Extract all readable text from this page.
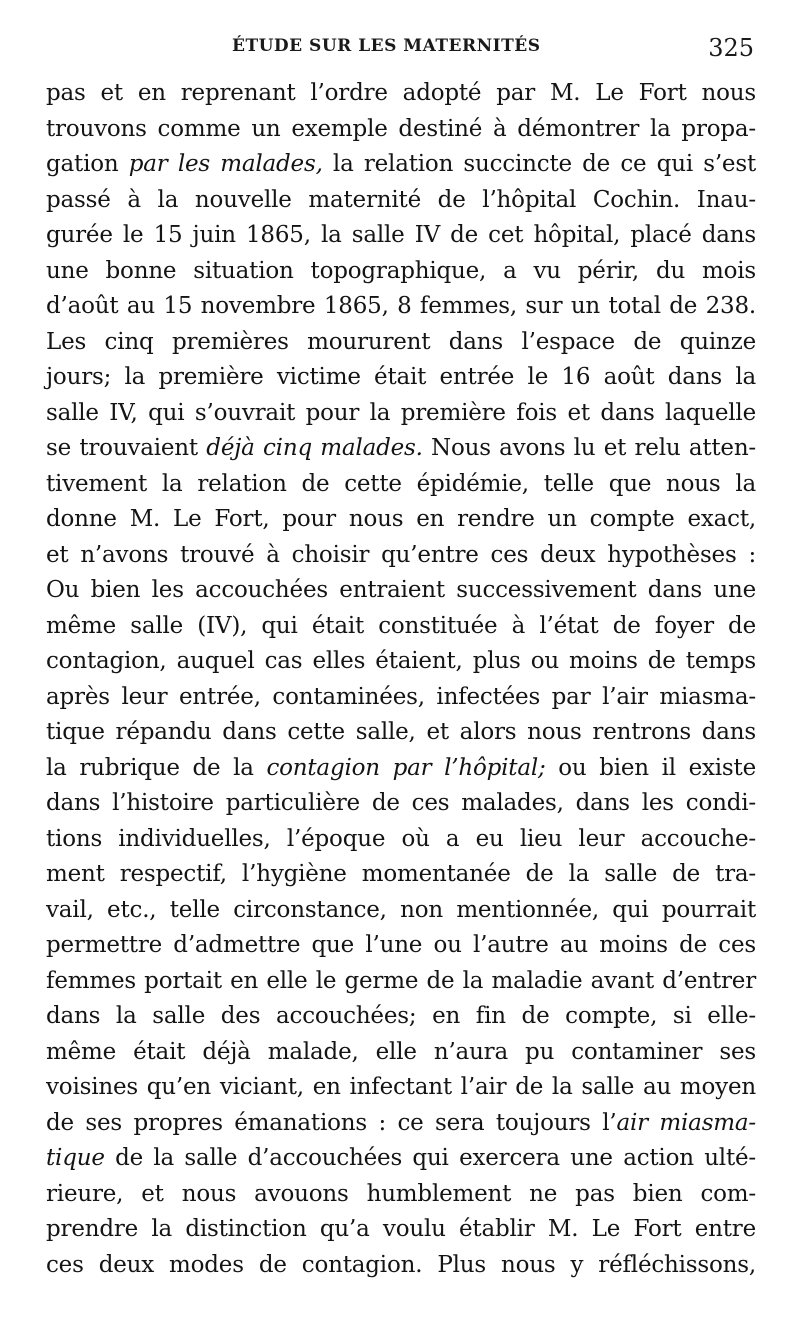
ÉTUDE SUR LES MATERNITÉS	325
pas et en reprenant l’ordre adopté par M. Le Fort nous
trouvons comme un exemple destiné à démontrer la propa-
gation par les malades, la relation succincte de ce qui s’est
passé à la nouvelle maternité de l’hôpital Cochin. Inau-
gurée le 15 juin 1865, la salle IV de cet hôpital, placé dans
une bonne situation topographique, a vu périr, du mois
d’août au 15 novembre 1865, 8 femmes, sur un total de 238.
Les cinq premières moururent dans l’espace de quinze
jours; la première victime était entrée le 16 août dans la
salle IV, qui s’ouvrait pour la première fois et dans laquelle
se trouvaient déjà cinq malades. Nous avons lu et relu atten-
tivement la relation de cette épidémie, telle que nous la
donne M. Le Fort, pour nous en rendre un compte exact,
et n’avons trouvé à choisir qu’entre ces deux hypothèses :
Ou bien les accouchées entraient successivement dans une
même salle (IV), qui était constituée à l’état de foyer de
contagion, auquel cas elles étaient, plus ou moins de temps
après leur entrée, contaminées, infectées par l’air miasma-
tique répandu dans cette salle, et alors nous rentrons dans
la rubrique de la contagion par l’hôpital; ou bien il existe
dans l’histoire particulière de ces malades, dans les condi-
tions individuelles, l’époque où a eu lieu leur accouche-
ment respectif, l’hygiène momentanée de la salle de tra-
vail, etc., telle circonstance, non mentionnée, qui pourrait
permettre d’admettre que l’une ou l’autre au moins de ces
femmes portait en elle le germe de la maladie avant d’entrer
dans la salle des accouchées; en fin de compte, si elle-
même était déjà malade, elle n’aura pu contaminer ses
voisines qu’en viciant, en infectant l’air de la salle au moyen
de ses propres émanations : ce sera toujours l’air miasma-
tique de la salle d’accouchées qui exercera une action ulté-
rieure, et nous avouons humblement ne pas bien com-
prendre la distinction qu’a voulu établir M. Le Fort entre
ces deux modes de contagion. Plus nous y réfléchissons,
